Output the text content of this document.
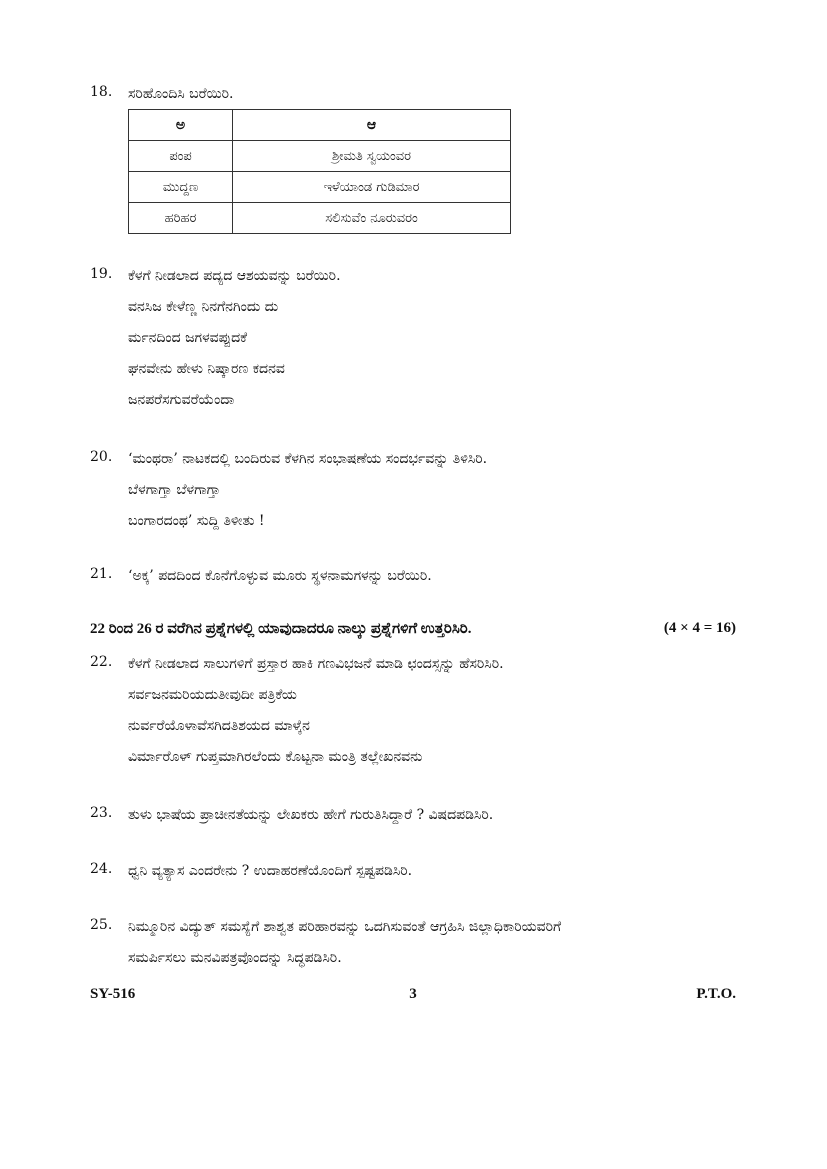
18.	ಸರಿಹೊಂದಿಸಿ ಬರೆಯಿರಿ.
ಅ	ಆ
ಪಂಪ	ಶ್ರೀಮತಿ ಸ್ವಯಂವರ
ಮುದ್ದಣ	ಇಳೆಯಾಂಡ ಗುಡಿಮಾರ
ಹರಿಹರ	ಸಲಿಸುವೆಂ ನೂರುವರಂ
19.	ಕೆಳಗೆ ನೀಡಲಾದ ಪದ್ಯದ ಆಶಯವನ್ನು ಬರೆಯಿರಿ.
ವನಸಿಜ ಕೇಳೆಣ್ಣ ನಿನಗೆನಗಿಂದು ದು
ರ್ಮನದಿಂದ ಜಗಳವಪ್ಪುದಕೆ
ಘನವೇನು ಹೇಳು ನಿಷ್ಕಾರಣ ಕದನವ
ಜನಪರೆಸಗುವರೆಯೆಂದಾ
20.	‘ಮಂಥರಾ’ ನಾಟಕದಲ್ಲಿ ಬಂದಿರುವ ಕೆಳಗಿನ ಸಂಭಾಷಣೆಯ ಸಂದರ್ಭವನ್ನು ತಿಳಿಸಿರಿ.
ಬೆಳಗಾಗ್ತಾ ಬೆಳಗಾಗ್ತಾ
ಬಂಗಾರದಂಥ’ ಸುದ್ದಿ ತಿಳೀತು !
21.	‘ಅಕ್ಕ’ ಪದದಿಂದ ಕೊನೆಗೊಳ್ಳುವ ಮೂರು ಸ್ಥಳನಾಮಗಳನ್ನು ಬರೆಯಿರಿ.
22 ರಿಂದ 26 ರ ವರೆಗಿನ ಪ್ರಶ್ನೆಗಳಲ್ಲಿ ಯಾವುದಾದರೂ ನಾಲ್ಕು ಪ್ರಶ್ನೆಗಳಿಗೆ ಉತ್ತರಿಸಿರಿ.	(4 × 4 = 16)
22.	ಕೆಳಗೆ ನೀಡಲಾದ ಸಾಲುಗಳಿಗೆ ಪ್ರಸ್ತಾರ ಹಾಕಿ ಗಣವಿಭಜನೆ ಮಾಡಿ ಛಂದಸ್ಸನ್ನು ಹೆಸರಿಸಿರಿ.
ಸರ್ವಜನಮರಿಯದುತೀವುದೀ ಪತ್ರಿಕೆಯ
ನುರ್ವರೆಯೊಳಾವೆಸಗಿದತಿಶಯದ ಮಾಳ್ಕೆನ
ವಿರ್ಮಾರೊಳ್ ಗುಪ್ತಮಾಗಿರಲೆಂದು ಕೊಟ್ಟನಾ ಮಂತ್ರಿ ತಲ್ಲೇಖನವನು
23.	ತುಳು ಭಾಷೆಯ ಪ್ರಾಚೀನತೆಯನ್ನು ಲೇಖಕರು ಹೇಗೆ ಗುರುತಿಸಿದ್ದಾರೆ ? ವಿಷದಪಡಿಸಿರಿ.
24.	ಧ್ವನಿ ವ್ಯತ್ಯಾಸ ಎಂದರೇನು ? ಉದಾಹರಣೆಯೊಂದಿಗೆ ಸ್ಪಷ್ಟಪಡಿಸಿರಿ.
25.	ನಿಮ್ಮೂರಿನ ವಿದ್ಯುತ್ ಸಮಸ್ಯೆಗೆ ಶಾಶ್ವತ ಪರಿಹಾರವನ್ನು ಒದಗಿಸುವಂತೆ ಆಗ್ರಹಿಸಿ ಜಿಲ್ಲಾಧಿಕಾರಿಯವರಿಗೆ
ಸಮರ್ಪಿಸಲು ಮನವಿಪತ್ರವೊಂದನ್ನು ಸಿದ್ಧಪಡಿಸಿರಿ.
SY-516	3	P.T.O.
